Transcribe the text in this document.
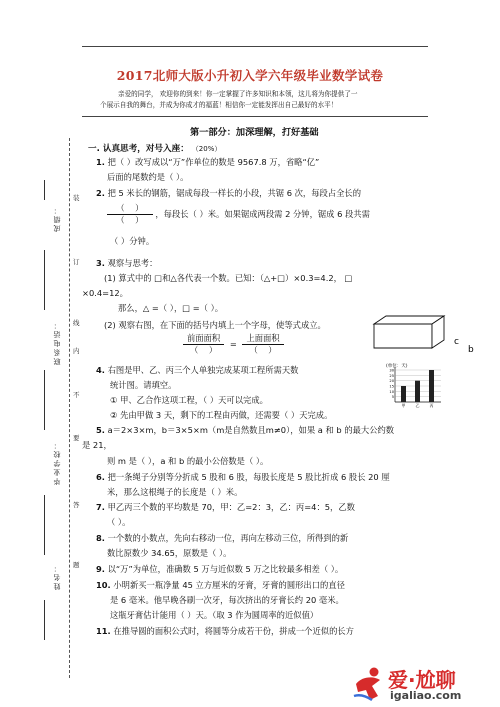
2017北师大版小升初入学六年级毕业数学试卷
亲爱的同学， 欢迎你的到来！你一定掌握了许多知识和本领，这儿将为你提供了一
个展示自我的舞台，并成为你成才的福蓝！相信你一定能发挥出自己最好的水平！
第一部分：加深理解，打好基础
一. 认真思考，对号入座： （20%）
成绩：
联系电话：
毕业学校：
姓名：
装
订
线
内
不
要
答
题
1. 把（ ）改写成以“万”作单位的数是 9567.8 万，省略“亿”
后面的尾数约是（ ）。
2. 把 5 米长的钢筋，锯成每段一样长的小段，共锯 6 次，每段占全长的
（    ）
（    ）
，每段长（ ）米。如果锯成两段需 2 分钟，锯成 6 段共需
（ ）分钟。
3. 观察与思考：
(1) 算式中的 □和△各代表一个数。已知：（△+□）×0.3=4.2， □
×0.4=12。
那么，△ =（ ），□ =（ ）。
(2) 观察右图，在下面的括号内填上一个字母，使等式成立。
前面面积
（    ）
=
上面面积
（    ）
c
b
4. 右图是甲、乙、丙三个人单独完成某项工程所需天数
统计图。请填空。
① 甲、乙合作这项工程，（ ）天可以完成。
② 先由甲做 3 天，剩下的工程由丙做，还需要（ ）天完成。
(单位：天)
5
10
15
20
25
30
甲	乙	丙
5. a＝2×3×m，b＝3×5×m（m是自然数且m≠0），如果 a 和 b 的最大公约数
是 21，
则 m 是（ ），a 和 b 的最小公倍数是（ ）。
6. 把一条绳子分别等分折成 5 股和 6 股，每股长度是 5 股比折成 6 股长 20 厘
米，那么这根绳子的长度是（ ）米。
7. 甲乙丙三个数的平均数是 70，甲：乙=2：3，乙：丙=4：5，乙数
（ ）。
8. 一个数的小数点，先向右移动一位，再向左移动三位，所得到的新
数比原数少 34.65，原数是（ ）。
9. 以“万”为单位，准确数 5 万与近似数 5 万之比较最多相差（ ）。
10. 小明新买一瓶净量 45 立方厘米的牙膏，牙膏的圆形出口的直径
是 6 毫米。他早晚各刷一次牙，每次挤出的牙膏长约 20 毫米。
这瓶牙膏估计能用（ ）天。（取 3 作为圆周率的近似值）
11. 在推导圆的面积公式时，将圆等分成若干份，拼成一个近似的长方
爱·尬聊
igaliao.com
